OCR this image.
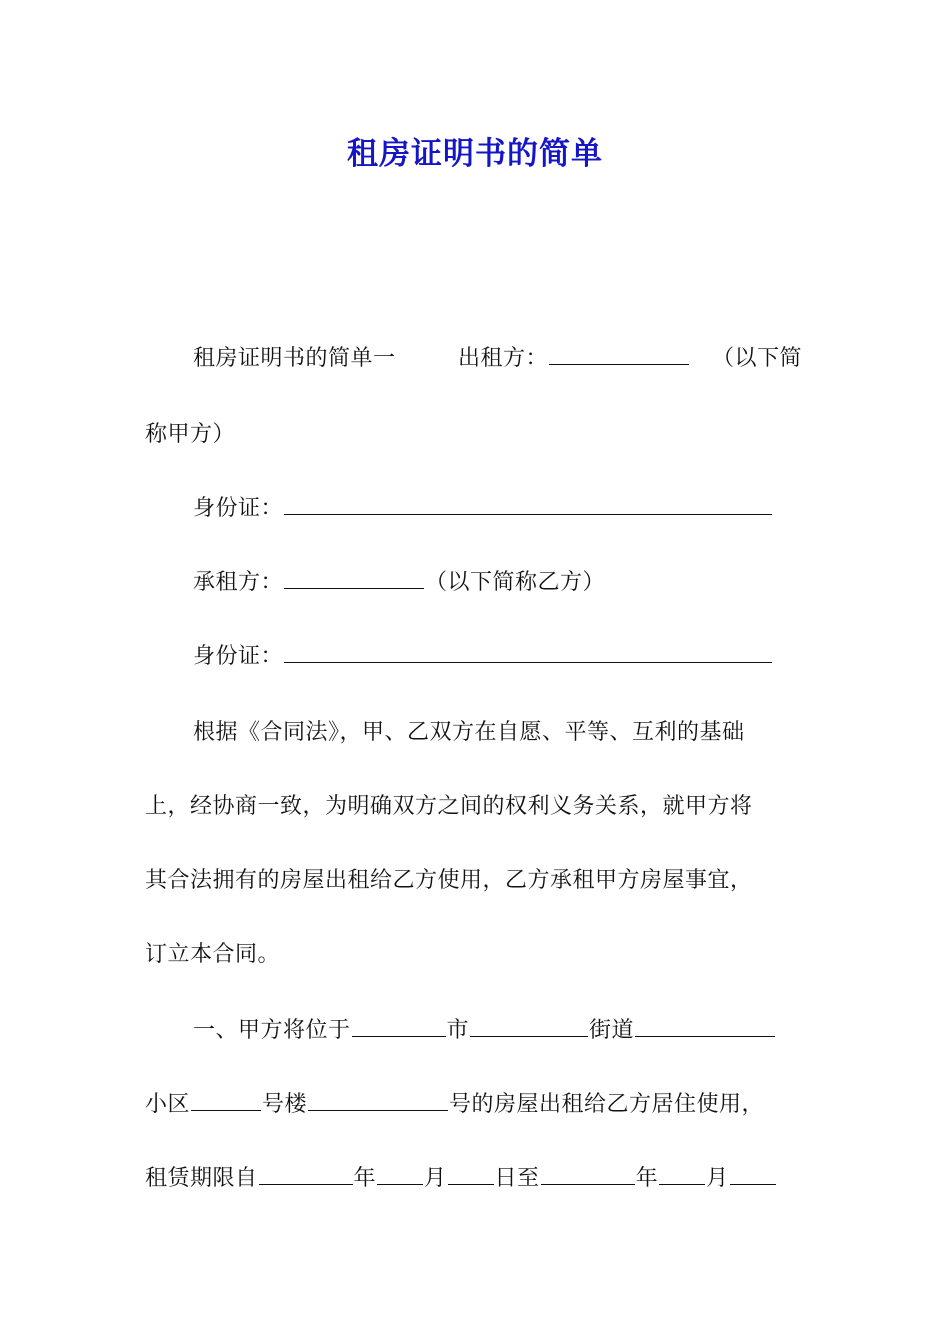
租房证明书的简单
租房证明书的简单一	出租方：	（以下简
称甲方）
身份证：
承租方：	（以下简称乙方）
身份证：
根据《合同法》，甲、乙双方在自愿、平等、互利的基础
上，经协商一致，为明确双方之间的权利义务关系，就甲方将
其合法拥有的房屋出租给乙方使用，乙方承租甲方房屋事宜，
订立本合同。
一、甲方将位于	市	街道
小区	号楼	号的房屋出租给乙方居住使用，
租赁期限自	年 月 日至	年 月
